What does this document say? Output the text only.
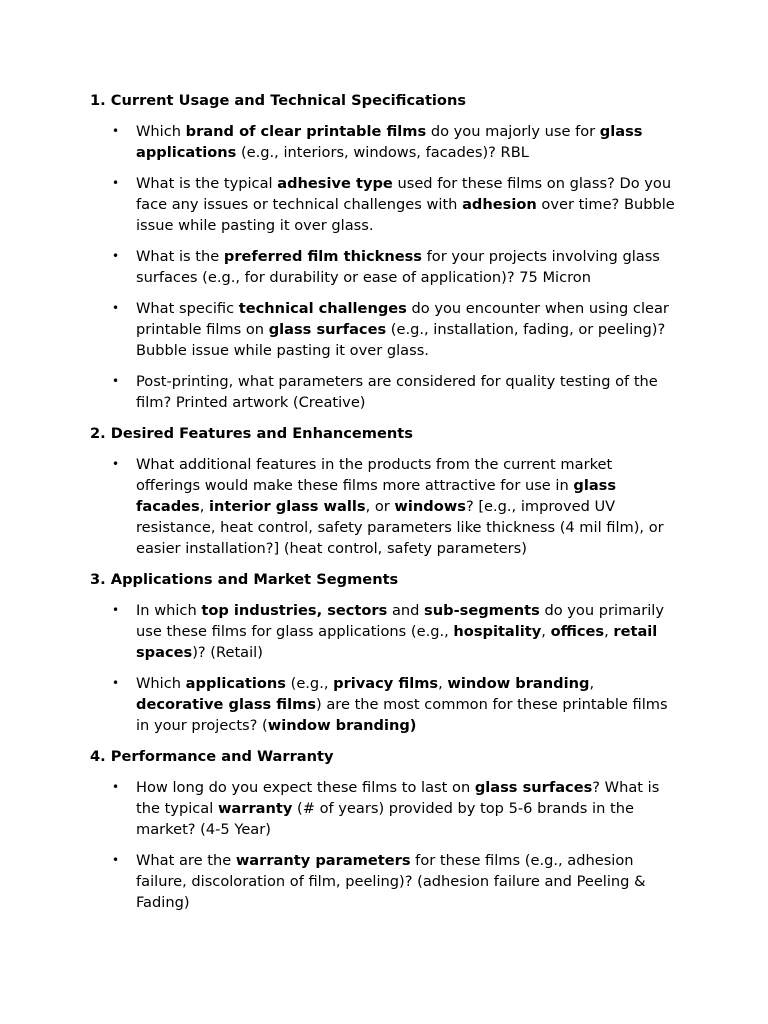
1. Current Usage and Technical Specifications
• Which brand of clear printable films do you majorly use for glass applications (e.g., interiors, windows, facades)? RBL
• What is the typical adhesive type used for these films on glass? Do you face any issues or technical challenges with adhesion over time? Bubble issue while pasting it over glass.
• What is the preferred film thickness for your projects involving glass surfaces (e.g., for durability or ease of application)? 75 Micron
• What specific technical challenges do you encounter when using clear printable films on glass surfaces (e.g., installation, fading, or peeling)? Bubble issue while pasting it over glass.
• Post-printing, what parameters are considered for quality testing of the film? Printed artwork (Creative)
2. Desired Features and Enhancements
• What additional features in the products from the current market offerings would make these films more attractive for use in glass facades, interior glass walls, or windows? [e.g., improved UV resistance, heat control, safety parameters like thickness (4 mil film), or easier installation?] (heat control, safety parameters)
3. Applications and Market Segments
• In which top industries, sectors and sub-segments do you primarily use these films for glass applications (e.g., hospitality, offices, retail spaces)? (Retail)
• Which applications (e.g., privacy films, window branding, decorative glass films) are the most common for these printable films in your projects? (window branding)
4. Performance and Warranty
• How long do you expect these films to last on glass surfaces? What is the typical warranty (# of years) provided by top 5-6 brands in the market? (4-5 Year)
• What are the warranty parameters for these films (e.g., adhesion failure, discoloration of film, peeling)? (adhesion failure and Peeling & Fading)
